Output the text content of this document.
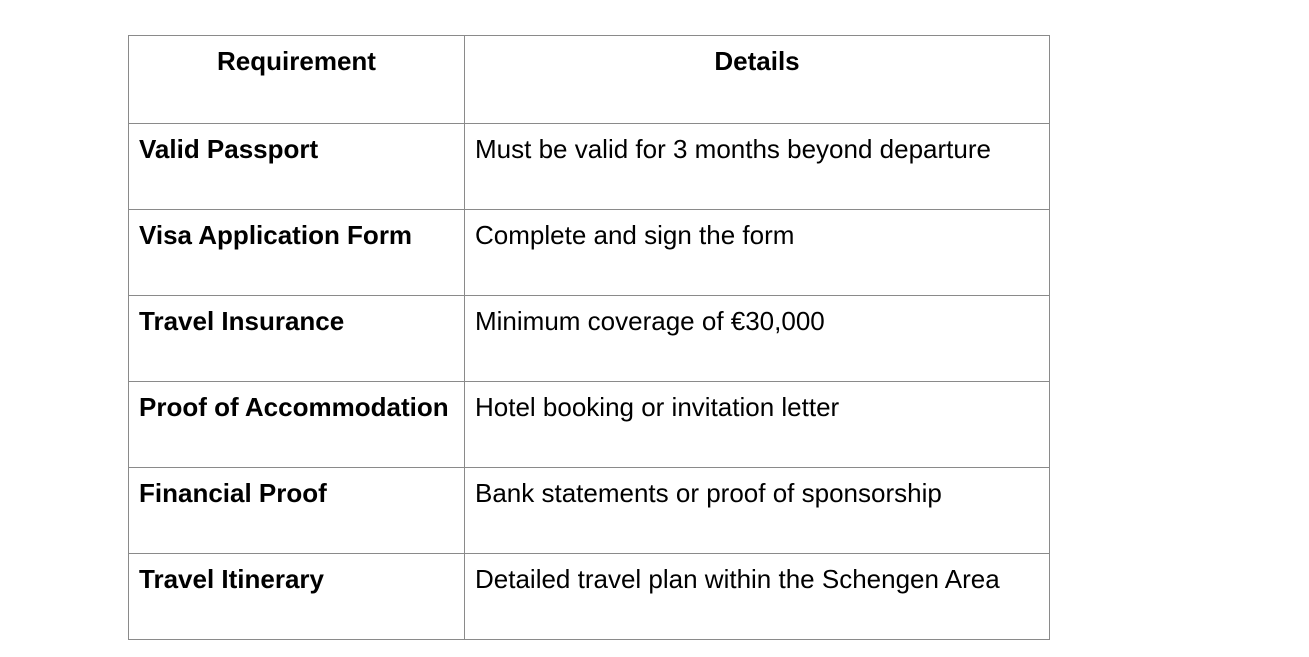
Requirement	Details
Valid Passport	Must be valid for 3 months beyond departure
Visa Application Form	Complete and sign the form
Travel Insurance	Minimum coverage of €30,000
Proof of Accommodation	Hotel booking or invitation letter
Financial Proof	Bank statements or proof of sponsorship
Travel Itinerary	Detailed travel plan within the Schengen Area
